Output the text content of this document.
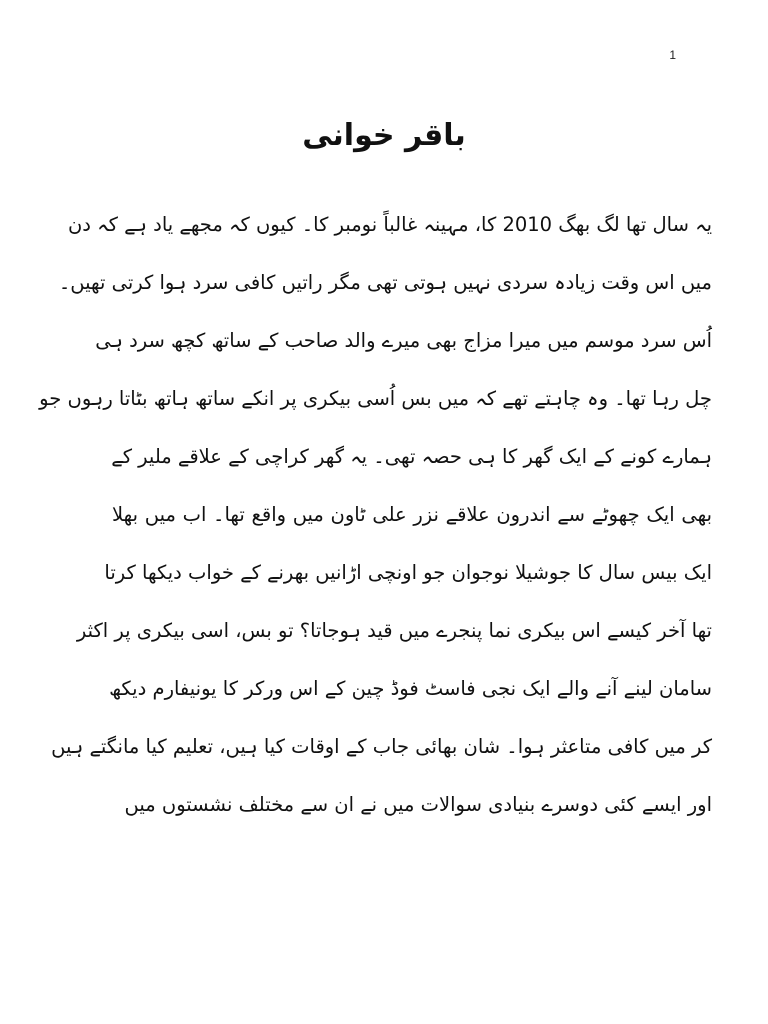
1
باقر خوانی
یہ سال تھا لگ بھگ 2010 کا، مہینہ غالباً نومبر کا۔ کیوں کہ مجھے یاد ہے کہ دن
میں اس وقت زیادہ سردی نہیں ہوتی تھی مگر راتیں کافی سرد ہوا کرتی تھیں۔
اُس سرد موسم میں میرا مزاج بھی میرے والد صاحب کے ساتھ کچھ سرد ہی
چل رہا تھا۔ وہ چاہتے تھے کہ میں بس اُسی بیکری پر انکے ساتھ ہاتھ بٹاتا رہوں جو
ہمارے کونے کے ایک گھر کا ہی حصہ تھی۔ یہ گھر کراچی کے علاقے ملیر کے
بھی ایک چھوٹے سے اندرون علاقے نزر علی ٹاون میں واقع تھا۔ اب میں بھلا
ایک بیس سال کا جوشیلا نوجوان جو اونچی اڑانیں بھرنے کے خواب دیکھا کرتا
تھا آخر کیسے اس بیکری نما پنجرے میں قید ہوجاتا؟ تو بس، اسی بیکری پر اکثر
سامان لینے آنے والے ایک نجی فاسٹ فوڈ چین کے اس ورکر کا یونیفارم دیکھ
کر میں کافی متاعثر ہوا۔ شان بھائی جاب کے اوقات کیا ہیں، تعلیم کیا مانگتے ہیں
اور ایسے کئی دوسرے بنیادی سوالات میں نے ان سے مختلف نشستوں میں
